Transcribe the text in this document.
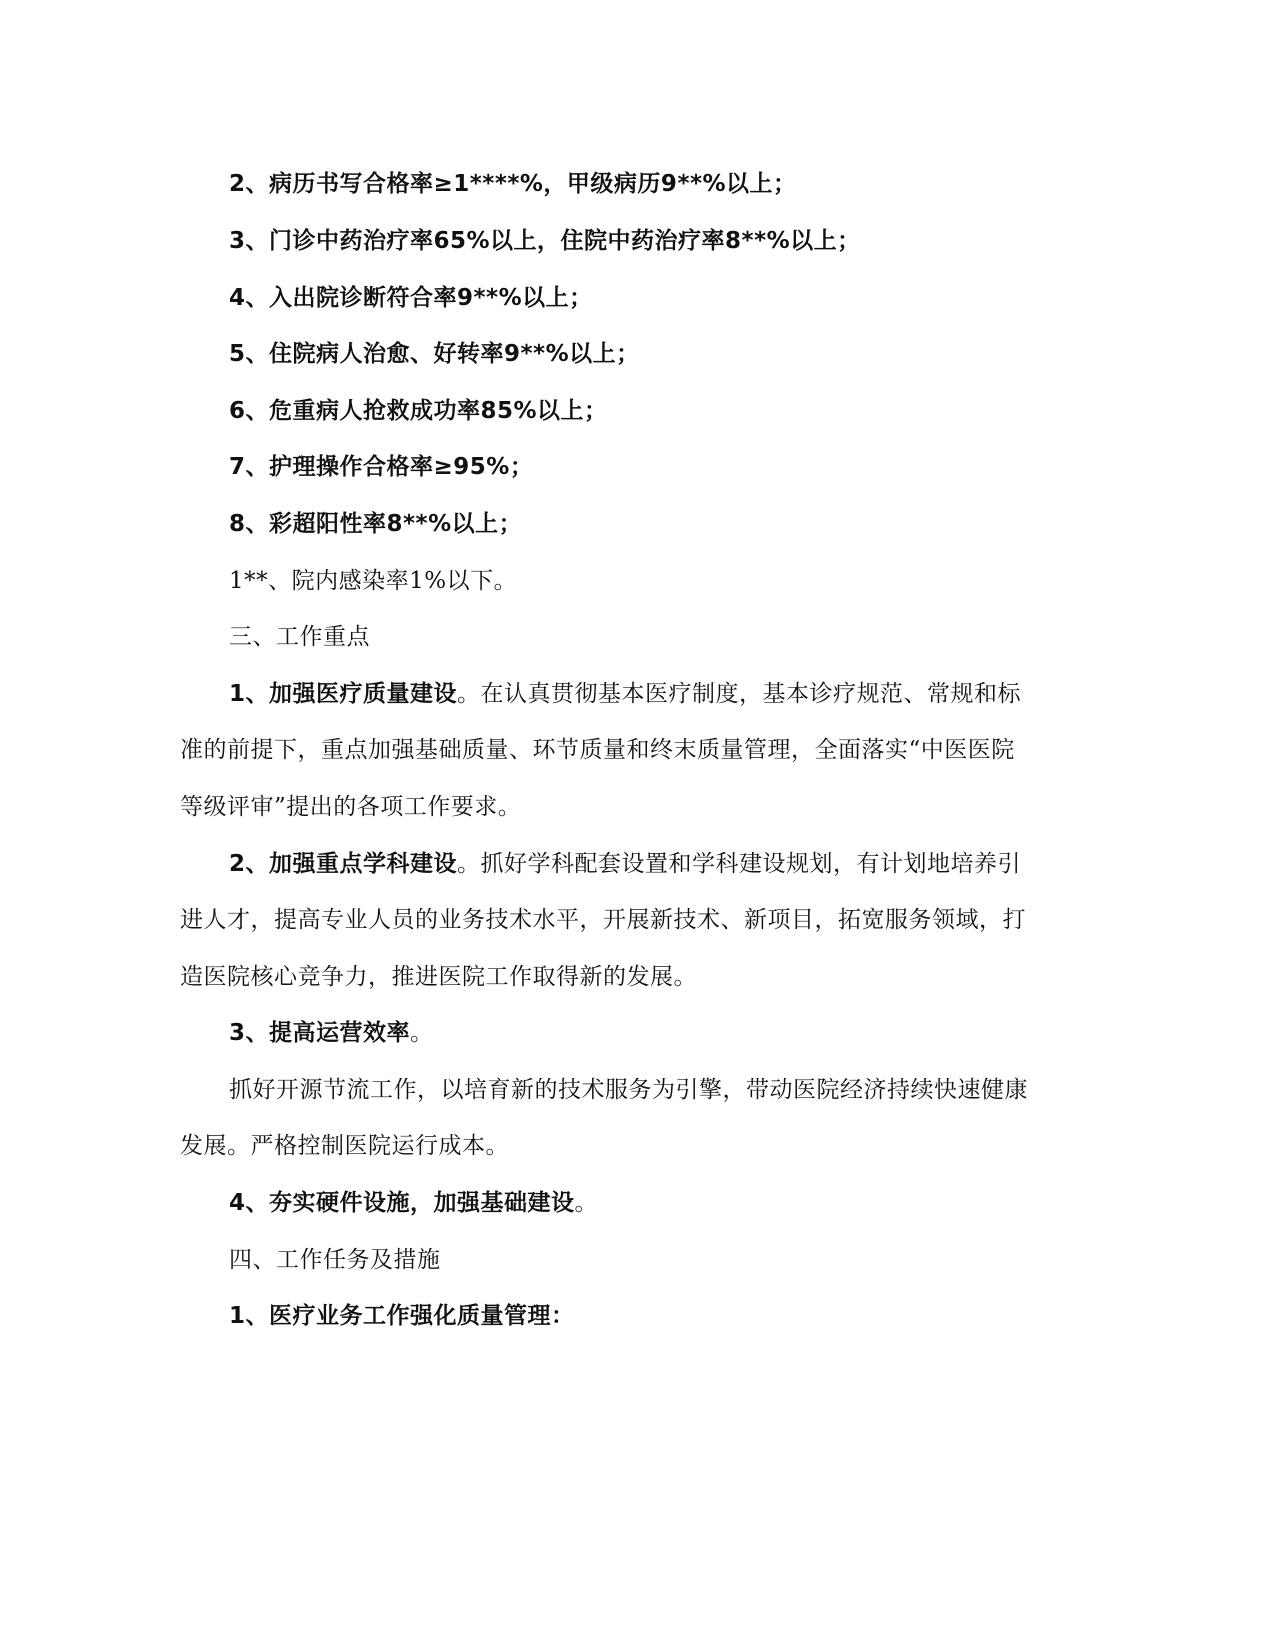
2、病历书写合格率≥1****%，甲级病历9**%以上；
3、门诊中药治疗率65%以上，住院中药治疗率8**%以上；
4、入出院诊断符合率9**%以上；
5、住院病人治愈、好转率9**%以上；
6、危重病人抢救成功率85%以上；
7、护理操作合格率≥95%；
8、彩超阳性率8**%以上；
1**、院内感染率1%以下。
三、工作重点
1、加强医疗质量建设。在认真贯彻基本医疗制度，基本诊疗规范、常规和标
准的前提下，重点加强基础质量、环节质量和终末质量管理，全面落实“中医医院
等级评审”提出的各项工作要求。
2、加强重点学科建设。抓好学科配套设置和学科建设规划，有计划地培养引
进人才，提高专业人员的业务技术水平，开展新技术、新项目，拓宽服务领域，打
造医院核心竞争力，推进医院工作取得新的发展。
3、提高运营效率。
抓好开源节流工作，以培育新的技术服务为引擎，带动医院经济持续快速健康
发展。严格控制医院运行成本。
4、夯实硬件设施，加强基础建设。
四、工作任务及措施
1、医疗业务工作强化质量管理：
